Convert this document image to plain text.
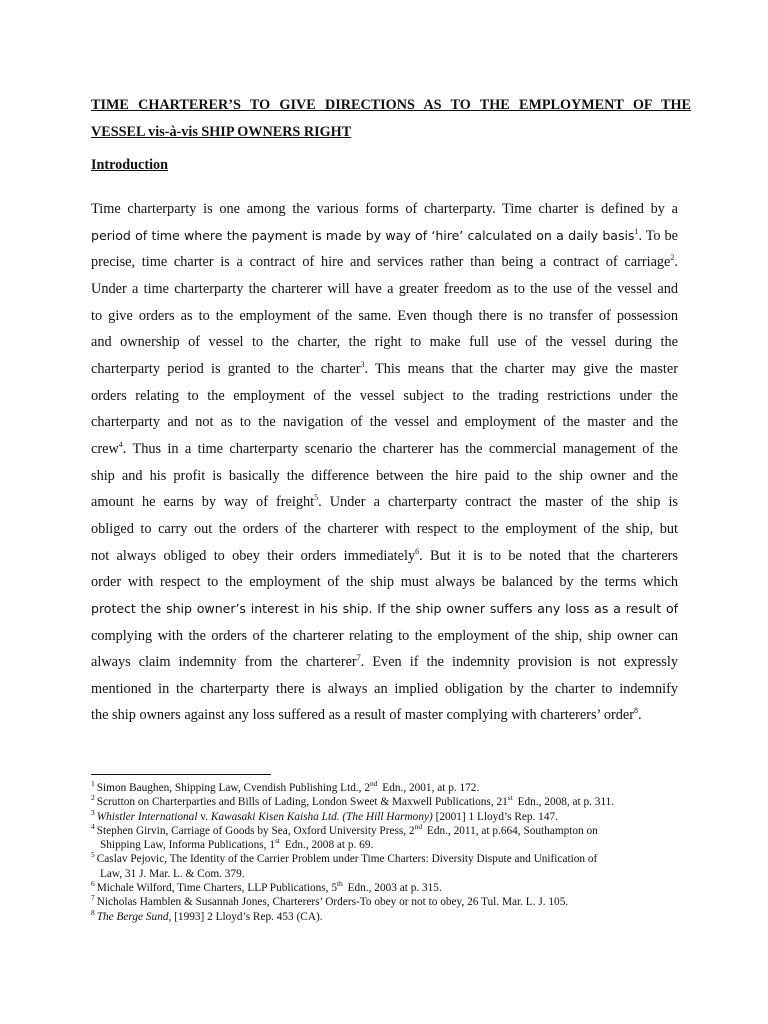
TIME CHARTERER’S TO GIVE DIRECTIONS AS TO THE EMPLOYMENT OF THE
VESSEL vis-à-vis SHIP OWNERS RIGHT
Introduction

Time charterparty is one among the various forms of charterparty. Time charter is defined by a
period of time where the payment is made by way of ‘hire’ calculated on a daily basis$^1$. To be
precise, time charter is a contract of hire and services rather than being a contract of carriage$^2$.
Under a time charterparty the charterer will have a greater freedom as to the use of the vessel and
to give orders as to the employment of the same. Even though there is no transfer of possession
and ownership of vessel to the charter, the right to make full use of the vessel during the
charterparty period is granted to the charter$^3$. This means that the charter may give the master
orders relating to the employment of the vessel subject to the trading restrictions under the
charterparty and not as to the navigation of the vessel and employment of the master and the
crew$^4$. Thus in a time charterparty scenario the charterer has the commercial management of the
ship and his profit is basically the difference between the hire paid to the ship owner and the
amount he earns by way of freight$^5$. Under a charterparty contract the master of the ship is
obliged to carry out the orders of the charterer with respect to the employment of the ship, but
not always obliged to obey their orders immediately$^6$. But it is to be noted that the charterers
order with respect to the employment of the ship must always be balanced by the terms which
protect the ship owner’s interest in his ship. If the ship owner suffers any loss as a result of
complying with the orders of the charterer relating to the employment of the ship, ship owner can
always claim indemnity from the charterer$^7$. Even if the indemnity provision is not expressly
mentioned in the charterparty there is always an implied obligation by the charter to indemnify
the ship owners against any loss suffered as a result of master complying with charterers’ order$^8$.

$^1$ Simon Baughen, Shipping Law, Cvendish Publishing Ltd., 2nd Edn., 2001, at p. 172.
$^2$ Scrutton on Charterparties and Bills of Lading, London Sweet & Maxwell Publications, 21st Edn., 2008, at p. 311.
$^3$ Whistler International v. Kawasaki Kisen Kaisha Ltd. (The Hill Harmony) [2001] 1 Lloyd’s Rep. 147.
$^4$ Stephen Girvin, Carriage of Goods by Sea, Oxford University Press, 2nd Edn., 2011, at p.664, Southampton on
Shipping Law, Informa Publications, 1st Edn., 2008 at p. 69.
$^5$ Caslav Pejovic, The Identity of the Carrier Problem under Time Charters: Diversity Dispute and Unification of
Law, 31 J. Mar. L. & Com. 379.
$^6$ Michale Wilford, Time Charters, LLP Publications, 5th Edn., 2003 at p. 315.
$^7$ Nicholas Hamblen & Susannah Jones, Charterers’ Orders-To obey or not to obey, 26 Tul. Mar. L. J. 105.
$^8$ The Berge Sund, [1993] 2 Lloyd’s Rep. 453 (CA).
